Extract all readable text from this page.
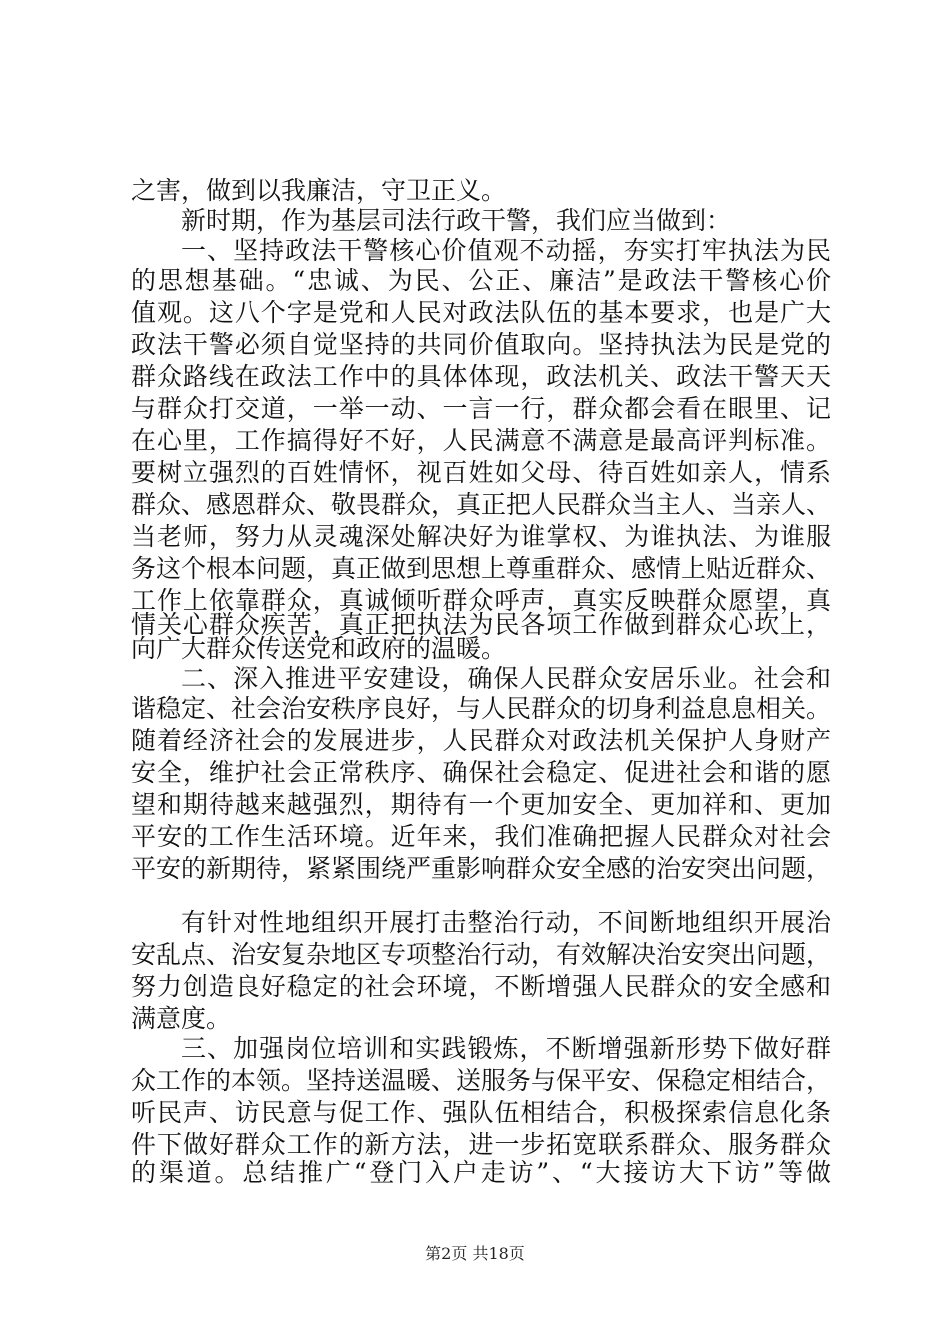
之害，做到以我廉洁，守卫正义。
新时期，作为基层司法行政干警，我们应当做到：
一、坚持政法干警核心价值观不动摇，夯实打牢执法为民
的思想基础。“忠诚、为民、公正、廉洁”是政法干警核心价
值观。这八个字是党和人民对政法队伍的基本要求，也是广大
政法干警必须自觉坚持的共同价值取向。坚持执法为民是党的
群众路线在政法工作中的具体体现，政法机关、政法干警天天
与群众打交道，一举一动、一言一行，群众都会看在眼里、记
在心里，工作搞得好不好，人民满意不满意是最高评判标准。
要树立强烈的百姓情怀，视百姓如父母、待百姓如亲人，情系
群众、感恩群众、敬畏群众，真正把人民群众当主人、当亲人、
当老师，努力从灵魂深处解决好为谁掌权、为谁执法、为谁服
务这个根本问题，真正做到思想上尊重群众、感情上贴近群众、
工作上依靠群众，真诚倾听群众呼声，真实反映群众愿望，真
情关心群众疾苦，真正把执法为民各项工作做到群众心坎上，
向广大群众传送党和政府的温暖。
二、深入推进平安建设，确保人民群众安居乐业。社会和
谐稳定、社会治安秩序良好，与人民群众的切身利益息息相关。
随着经济社会的发展进步，人民群众对政法机关保护人身财产
安全，维护社会正常秩序、确保社会稳定、促进社会和谐的愿
望和期待越来越强烈，期待有一个更加安全、更加祥和、更加
平安的工作生活环境。近年来，我们准确把握人民群众对社会
平安的新期待，紧紧围绕严重影响群众安全感的治安突出问题，
有针对性地组织开展打击整治行动，不间断地组织开展治
安乱点、治安复杂地区专项整治行动，有效解决治安突出问题，
努力创造良好稳定的社会环境，不断增强人民群众的安全感和
满意度。
三、加强岗位培训和实践锻炼，不断增强新形势下做好群
众工作的本领。坚持送温暖、送服务与保平安、保稳定相结合，
听民声、访民意与促工作、强队伍相结合，积极探索信息化条
件下做好群众工作的新方法，进一步拓宽联系群众、服务群众
的渠道。总结推广“登门入户走访”、“大接访大下访”等做
第2页 共18页
